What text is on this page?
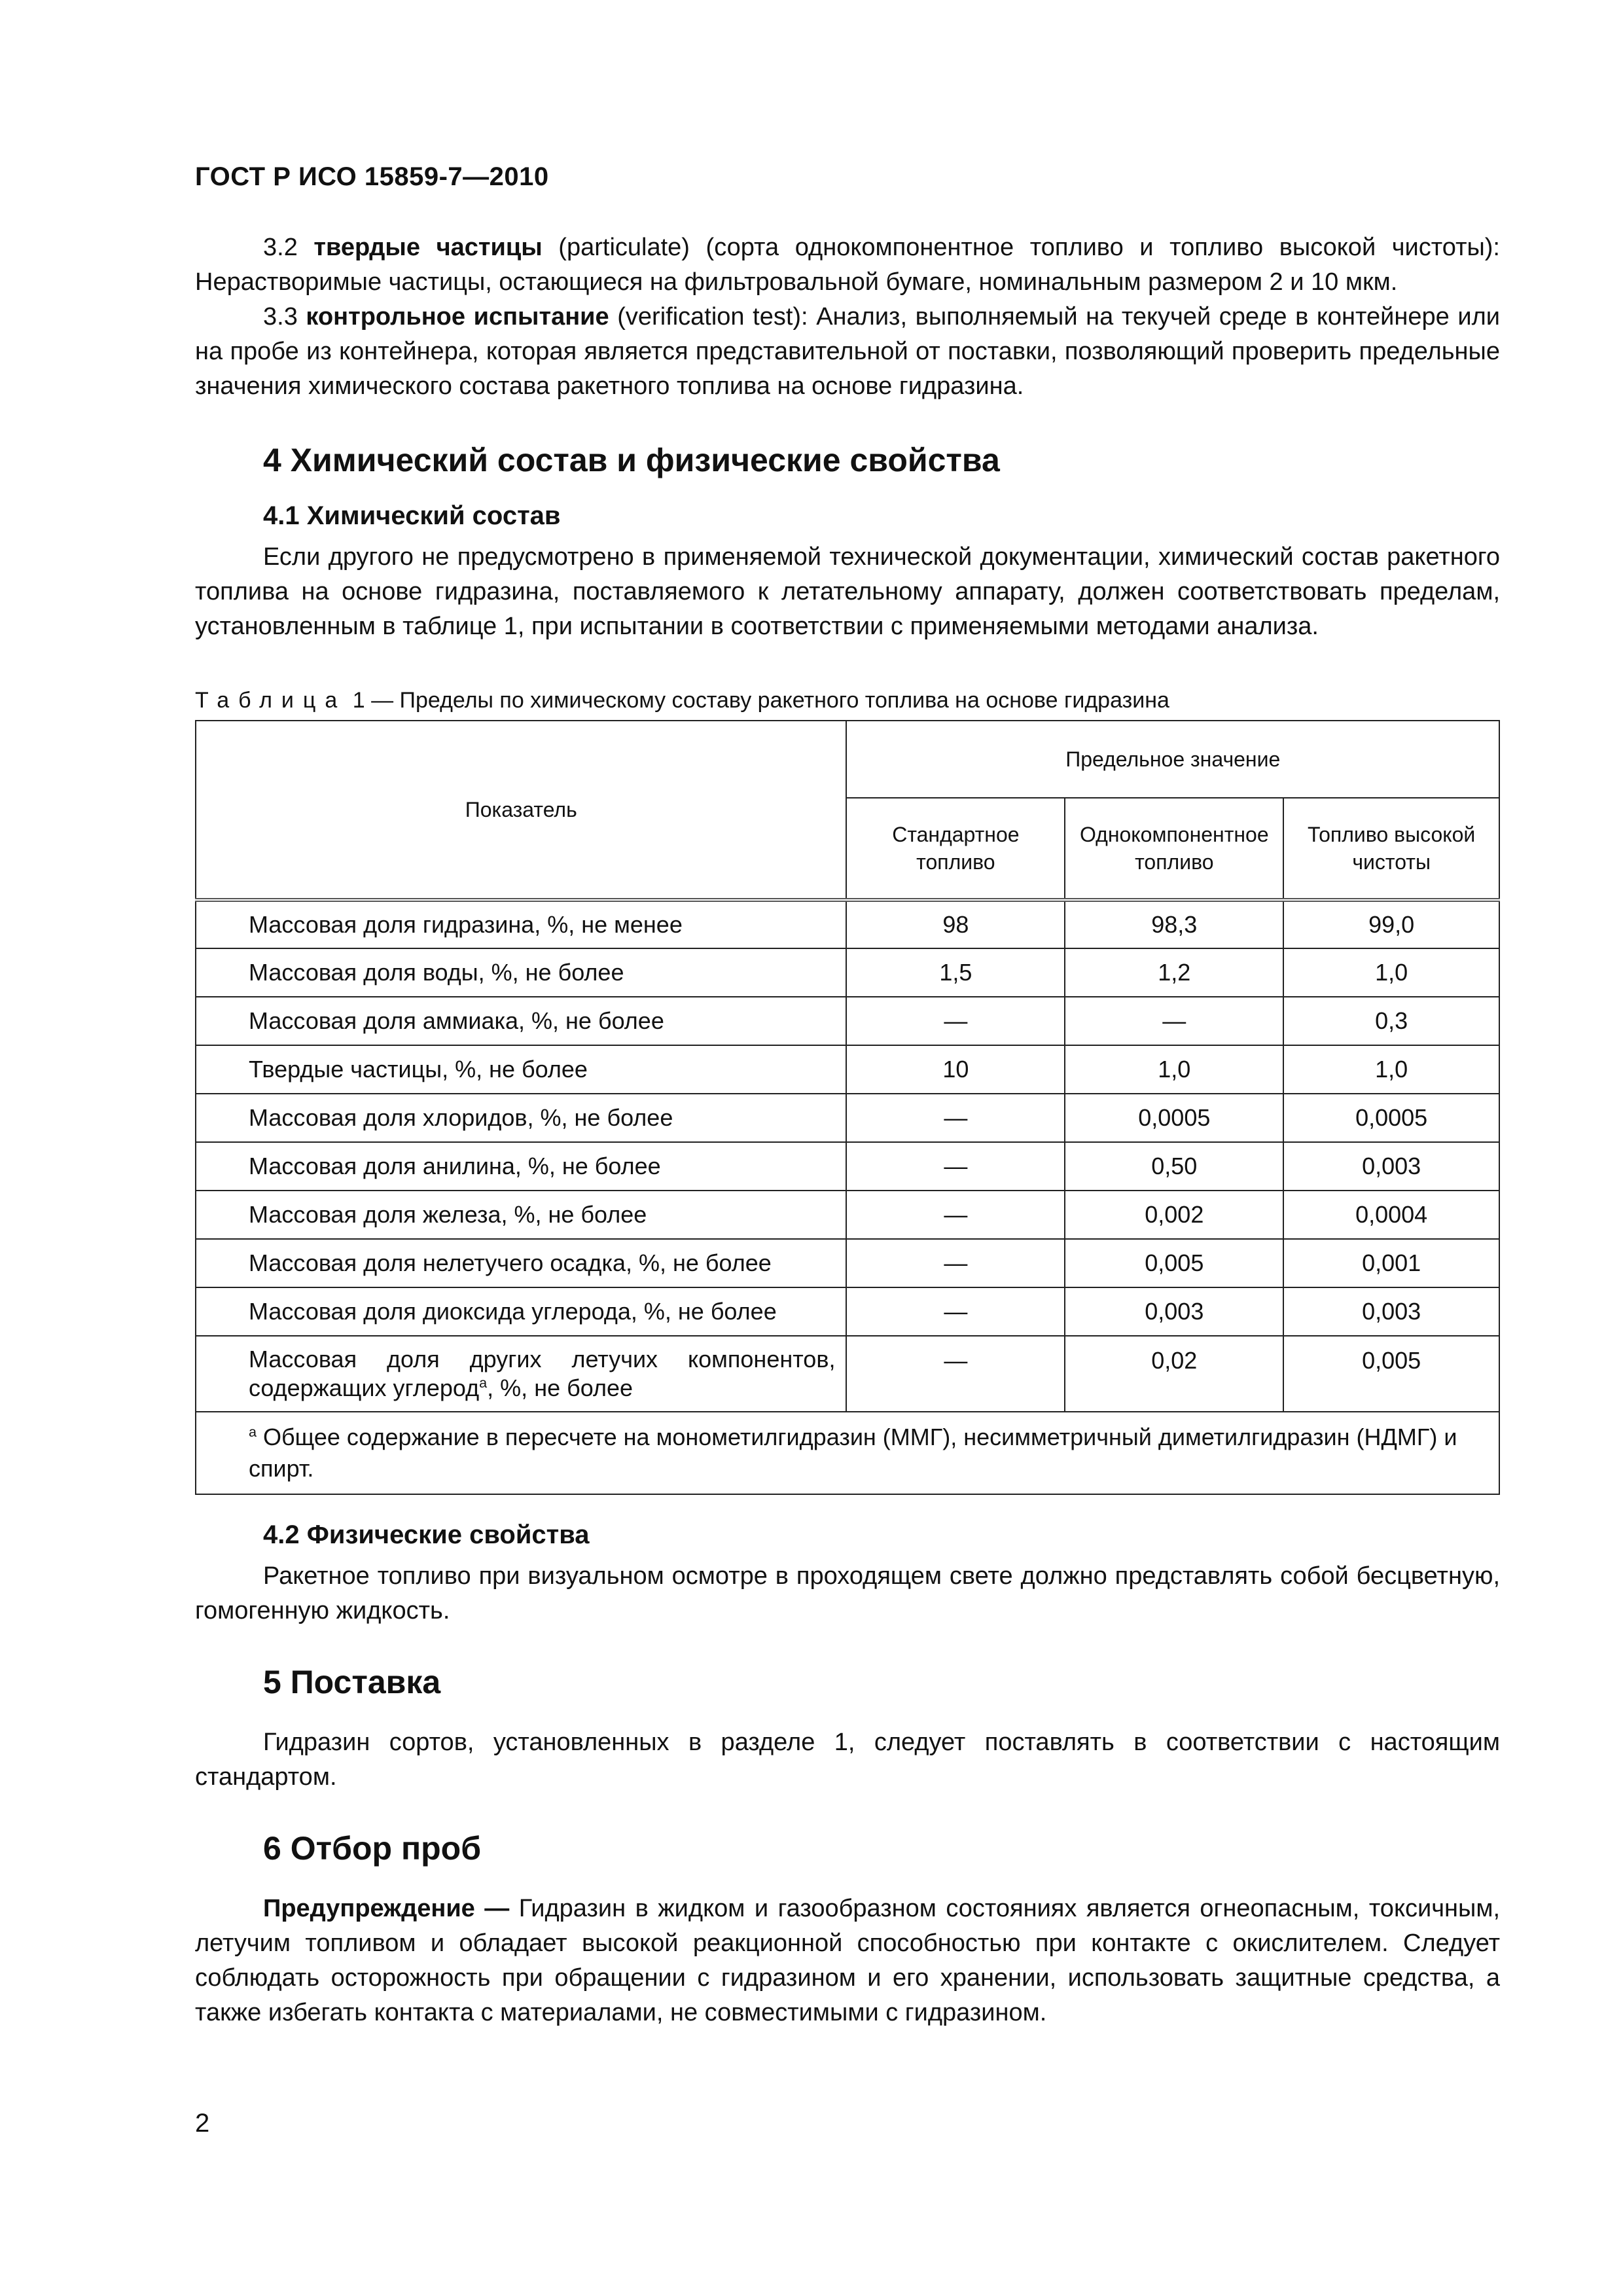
ГОСТ Р ИСО 15859-7—2010

3.2 твердые частицы (particulate) (сорта однокомпонентное топливо и топливо высокой чистоты): Нерастворимые частицы, остающиеся на фильтровальной бумаге, номинальным размером 2 и 10 мкм.

3.3 контрольное испытание (verification test): Анализ, выполняемый на текучей среде в контейнере или на пробе из контейнера, которая является представительной от поставки, позволяющий проверить предельные значения химического состава ракетного топлива на основе гидразина.

4 Химический состав и физические свойства
4.1 Химический состав

Если другого не предусмотрено в применяемой технической документации, химический состав ракетного топлива на основе гидразина, поставляемого к летательному аппарату, должен соответствовать пределам, установленным в таблице 1, при испытании в соответствии с применяемыми методами анализа.

Таблица 1 — Пределы по химическому составу ракетного топлива на основе гидразина
Показатель	Предельное значение		
	Стандартное топливо	Однокомпонентное топливо	Топливо высокой чистоты
Массовая доля гидразина, %, не менее	98	98,3	99,0
Массовая доля воды, %, не более	1,5	1,2	1,0
Массовая доля аммиака, %, не более	—	—	0,3
Твердые частицы, %, не более	10	1,0	1,0
Массовая доля хлоридов, %, не более	—	0,0005	0,0005
Массовая доля анилина, %, не более	—	0,50	0,003
Массовая доля железа, %, не более	—	0,002	0,0004
Массовая доля нелетучего осадка, %, не более	—	0,005	0,001
Массовая доля диоксида углерода, %, не более	—	0,003	0,003
Массовая доля других летучих компонентов, содержащих углерод$^а$, %, не более	—	0,02	0,005
$^а$ Общее содержание в пересчете на монометилгидразин (ММГ), несимметричный диметилгидразин (НДМГ) и спирт.			
4.2 Физические свойства

Ракетное топливо при визуальном осмотре в проходящем свете должно представлять собой бесцветную, гомогенную жидкость.

5 Поставка

Гидразин сортов, установленных в разделе 1, следует поставлять в соответствии с настоящим стандартом.

6 Отбор проб

Предупреждение — Гидразин в жидком и газообразном состояниях является огнеопасным, токсичным, летучим топливом и обладает высокой реакционной способностью при контакте с окислителем. Следует соблюдать осторожность при обращении с гидразином и его хранении, использовать защитные средства, а также избегать контакта с материалами, не совместимыми с гидразином.

2
